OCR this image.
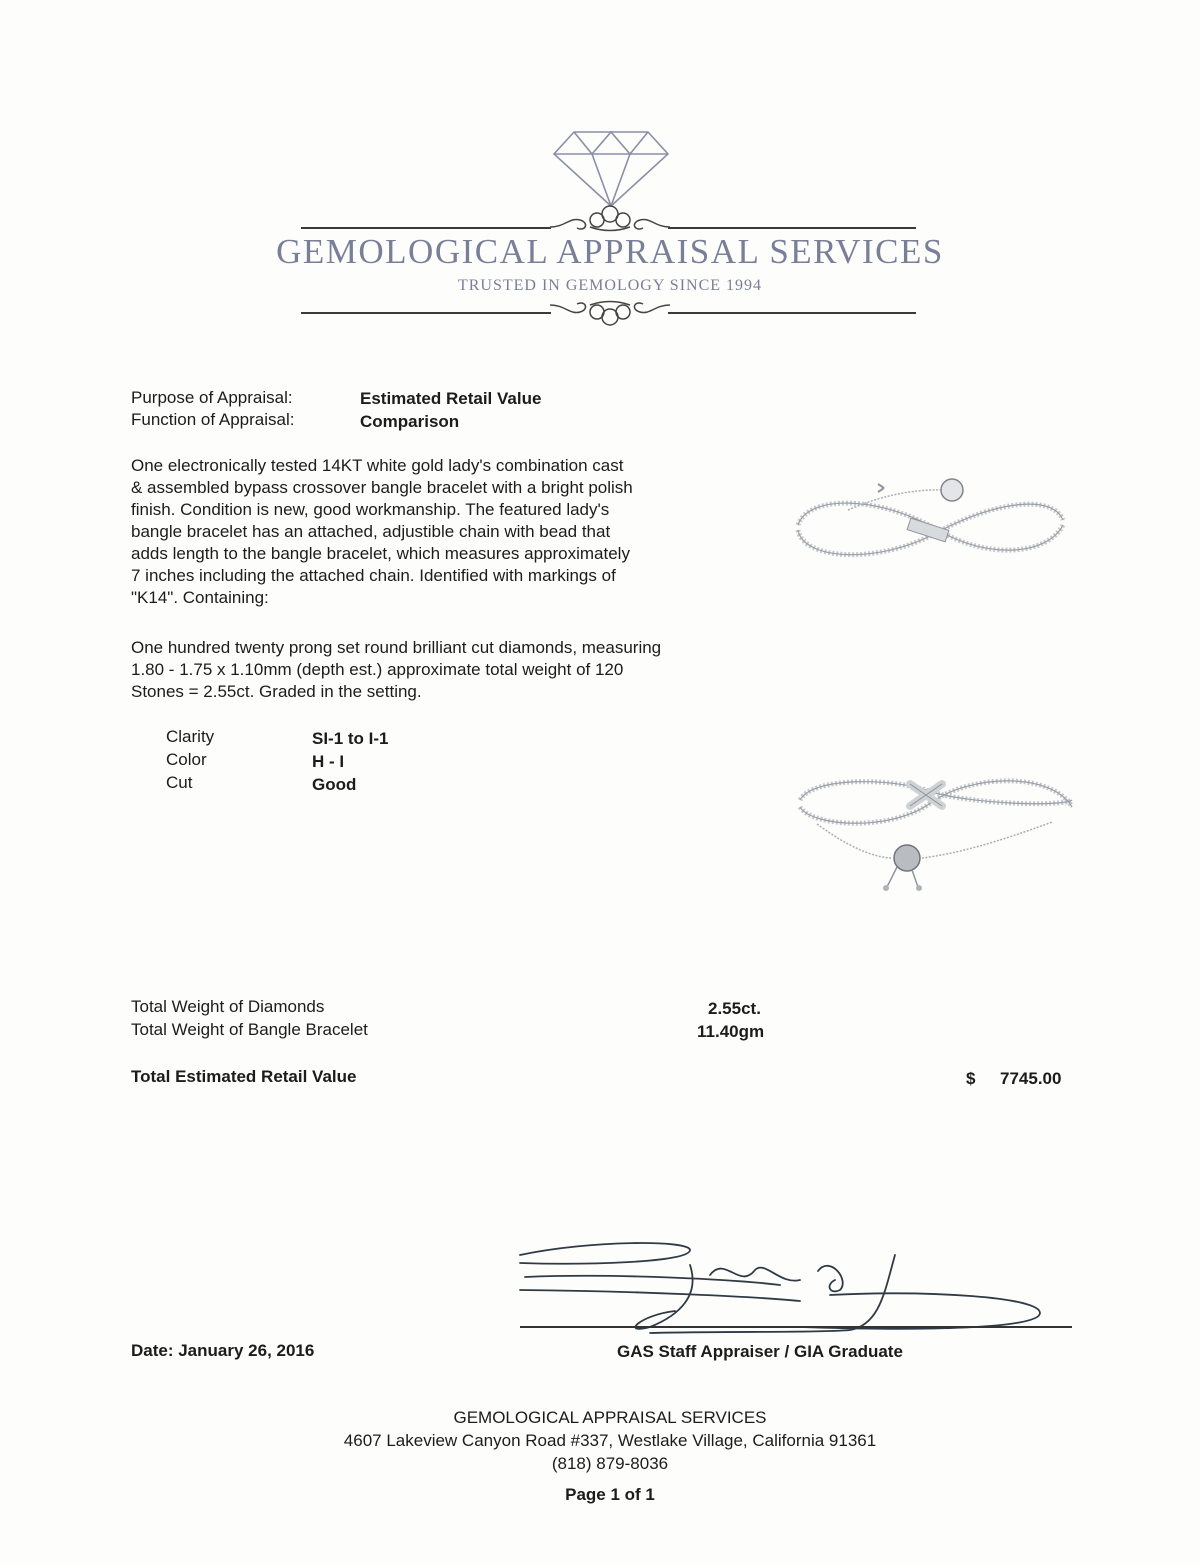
GEMOLOGICAL APPRAISAL SERVICES
TRUSTED IN GEMOLOGY SINCE 1994
Purpose of Appraisal:	Estimated Retail Value
Function of Appraisal:	Comparison
One electronically tested 14KT white gold lady's combination cast
& assembled bypass crossover bangle bracelet with a bright polish
finish. Condition is new, good workmanship. The featured lady's
bangle bracelet has an attached, adjustible chain with bead that
adds length to the bangle bracelet, which measures approximately
7 inches including the attached chain. Identified with markings of
"K14". Containing:
One hundred twenty prong set round brilliant cut diamonds, measuring
1.80 - 1.75 x 1.10mm (depth est.) approximate total weight of 120
Stones = 2.55ct. Graded in the setting.
Clarity	SI-1 to I-1
Color	H - I
Cut	Good
Total Weight of Diamonds	2.55ct.
Total Weight of Bangle Bracelet	11.40gm
Total Estimated Retail Value	$ 7745.00
Date: January 26, 2016	GAS Staff Appraiser / GIA Graduate
GEMOLOGICAL APPRAISAL SERVICES
4607 Lakeview Canyon Road #337, Westlake Village, California 91361
(818) 879-8036
Page 1 of 1
